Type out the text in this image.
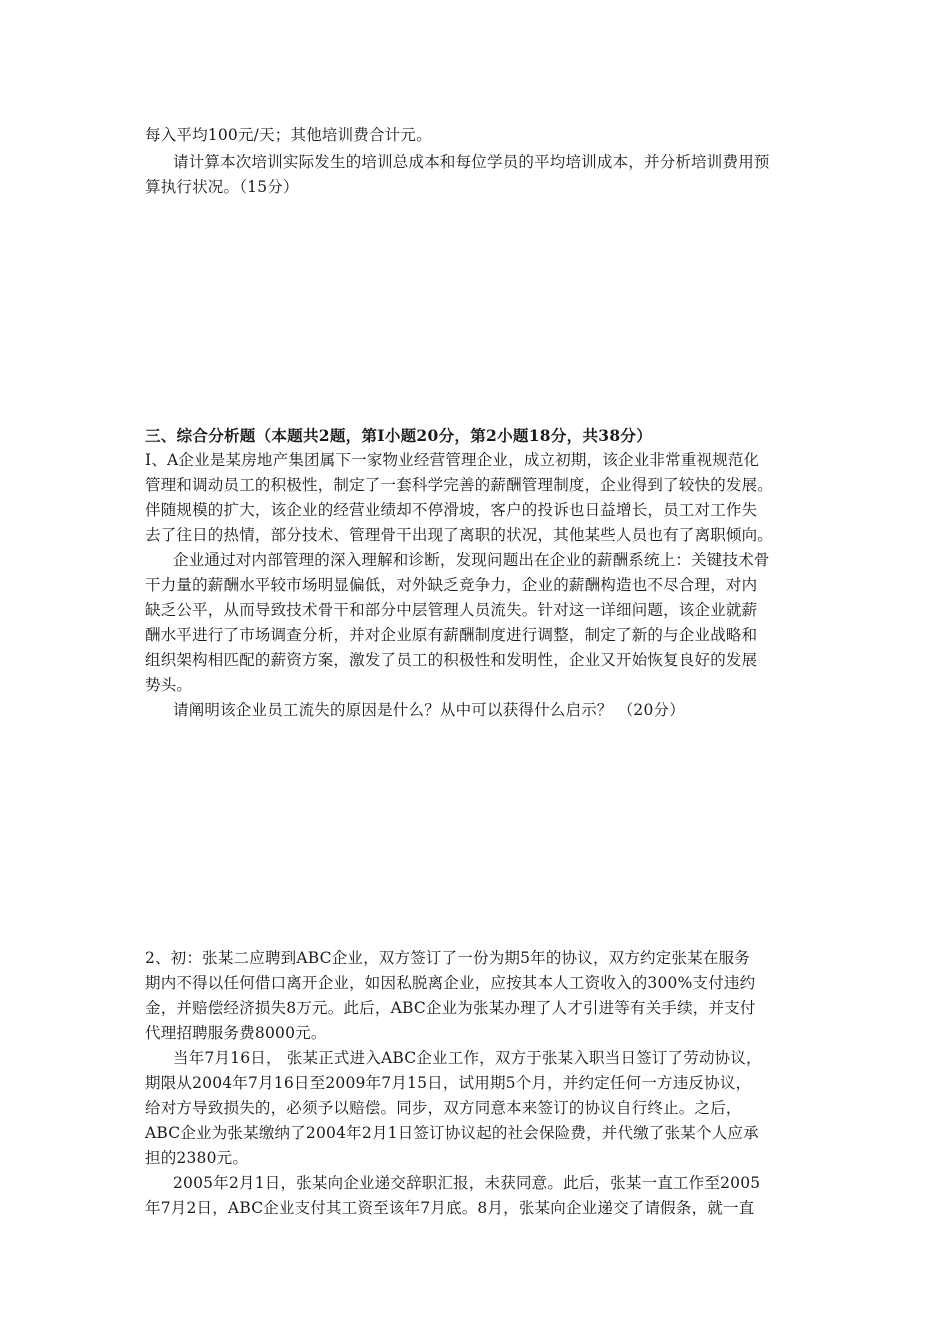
每入平均100元/天；其他培训费合计元。
请计算本次培训实际发生的培训总成本和每位学员的平均培训成本，并分析培训费用预
算执行状况。（15分）
三、综合分析题（本题共2题，第I小题20分，第2小题18分，共38分）
I、A企业是某房地产集团属下一家物业经营管理企业，成立初期，该企业非常重视规范化
管理和调动员工的积极性，制定了一套科学完善的薪酬管理制度，企业得到了较快的发展。
伴随规模的扩大，该企业的经营业绩却不停滑坡，客户的投诉也日益增长，员工对工作失
去了往日的热情，部分技术、管理骨干出现了离职的状况，其他某些人员也有了离职倾向。
企业通过对内部管理的深入理解和诊断，发现问题出在企业的薪酬系统上：关键技术骨
干力量的薪酬水平较市场明显偏低，对外缺乏竞争力，企业的薪酬构造也不尽合理，对内
缺乏公平，从而导致技术骨干和部分中层管理人员流失。针对这一详细问题，该企业就薪
酬水平进行了市场调查分析，并对企业原有薪酬制度进行调整，制定了新的与企业战略和
组织架构相匹配的薪资方案，激发了员工的积极性和发明性，企业又开始恢复良好的发展
势头。
请阐明该企业员工流失的原因是什么？从中可以获得什么启示？ （20分）
2、初：张某二应聘到ABC企业，双方签订了一份为期5年的协议，双方约定张某在服务
期内不得以任何借口离开企业，如因私脱离企业，应按其本人工资收入的300%支付违约
金，并赔偿经济损失8万元。此后，ABC企业为张某办理了人才引进等有关手续，并支付
代理招聘服务费8000元。
当年7月16日， 张某正式进入ABC企业工作，双方于张某入职当日签订了劳动协议，
期限从2004年7月16日至2009年7月15日，试用期5个月，并约定任何一方违反协议，
给对方导致损失的，必须予以赔偿。同步，双方同意本来签订的协议自行终止。之后，
ABC企业为张某缴纳了2004年2月1日签订协议起的社会保险费，并代缴了张某个人应承
担的2380元。
2005年2月1日，张某向企业递交辞职汇报，未获同意。此后，张某一直工作至2005
年7月2日，ABC企业支付其工资至该年7月底。8月，张某向企业递交了请假条，就一直
